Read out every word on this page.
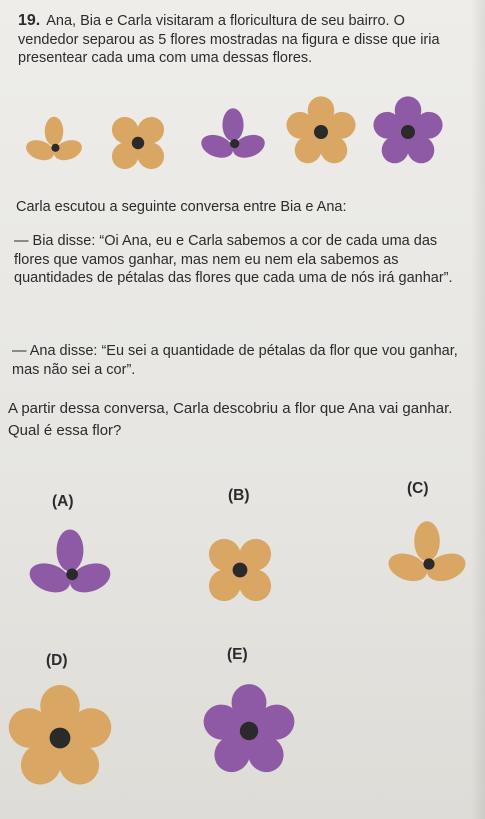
19. Ana, Bia e Carla visitaram a floricultura de seu bairro. O vendedor separou as 5 flores mostradas na figura e disse que iria presentear cada uma com uma dessas flores.

Carla escutou a seguinte conversa entre Bia e Ana:

— Bia disse: “Oi Ana, eu e Carla sabemos a cor de cada uma das flores que vamos ganhar, mas nem eu nem ela sabemos as quantidades de pétalas das flores que cada uma de nós irá ganhar”.

— Ana disse: “Eu sei a quantidade de pétalas da flor que vou ganhar, mas não sei a cor”.

A partir dessa conversa, Carla descobriu a flor que Ana vai ganhar. Qual é essa flor?

(A)	(B)	(C)
(D)	(E)
